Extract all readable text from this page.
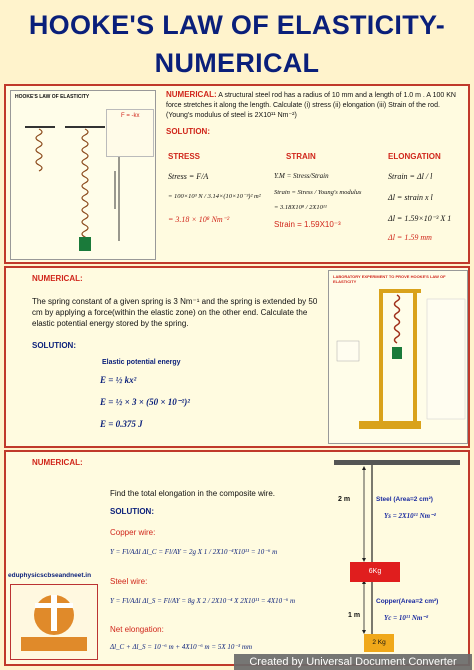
HOOKE'S LAW OF ELASTICITY-
NUMERICAL
HOOKE'S LAW OF ELASTICITY
F = -kx
NUMERICAL: A structural steel rod has a radius of 10 mm and a length of 1.0 m . A 100 KN force stretches it along the length. Calculate (i) stress (ii) elongation (iii) Strain of the rod. (Young's modulus of steel is 2X10¹¹ Nm⁻²)
SOLUTION:
STRESS
Stress = F/A
= 100×10³ N / 3.14×(10×10⁻³)² m²
= 3.18 × 10⁸ Nm⁻²
STRAIN
Y.M = Stress/Strain
Strain = Stress / Young's modulus
= 3.18X10⁸ / 2X10¹¹
Strain = 1.59X10⁻³
ELONGATION
Strain = Δl / l
Δl = strain x l
Δl = 1.59×10⁻³ X 1
Δl = 1.59 mm
NUMERICAL:
The spring constant of a given spring is 3 Nm⁻¹ and the spring is extended by 50 cm by applying a force(within the elastic zone) on the other end. Calculate the elastic potential energy stored by the spring.
SOLUTION:
Elastic potential energy
E = ½ kx²
E = ½ × 3 × (50 × 10⁻²)²
E = 0.375 J
LABORATORY EXPERIMENT TO PROVE HOOKE'S LAW OF ELASTICITY
NUMERICAL:
Find the total elongation in the composite wire.
SOLUTION:
Copper wire:
Y = Fl/AΔl Δl_C = Fl/AY = 2g X 1 / 2X10⁻⁴X10¹¹ = 10⁻⁶ m
Steel wire:
Y = Fl/AΔl Δl_S = Fl/AY = 8g X 2 / 2X10⁻⁴ X 2X10¹¹ = 4X10⁻⁶ m
Net elongation:
Δl_C + Δl_S = 10⁻⁶ m + 4X10⁻⁶ m = 5X 10⁻³ mm
eduphysicscbseandneet.in
2 m	Steel (Area=2 cm²)
Ys = 2X10¹¹ Nm⁻²
6Kg
1 m
Copper(Area=2 cm²)
Yc = 10¹¹ Nm⁻²
2 Kg
Created by Universal Document Converter
